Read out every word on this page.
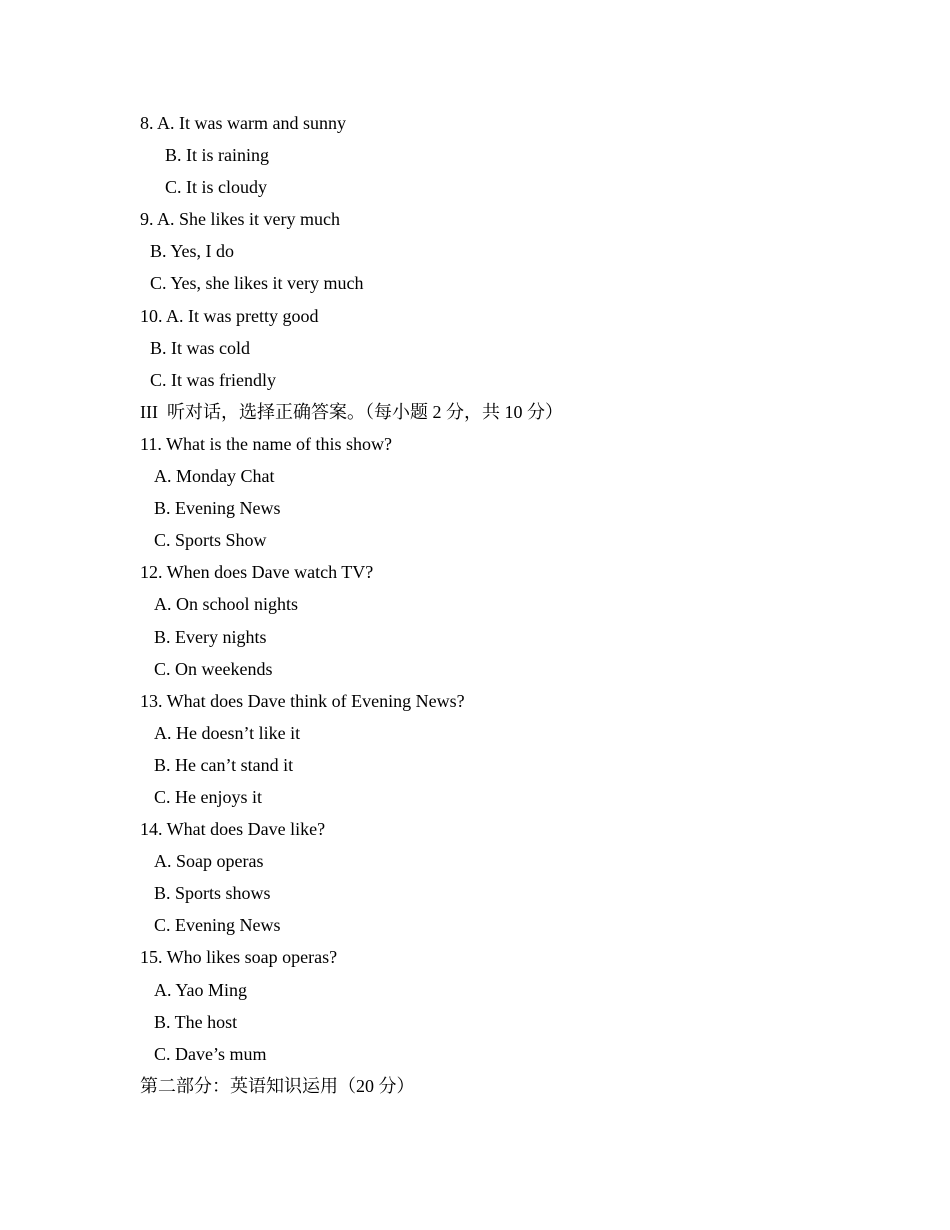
8. A. It was warm and sunny
B. It is raining
C. It is cloudy
9. A. She likes it very much
B. Yes, I do
C. Yes, she likes it very much
10. A. It was pretty good
B. It was cold
C. It was friendly
III  听对话，选择正确答案。（每小题 2 分，共 10 分）
11. What is the name of this show?
A. Monday Chat
B. Evening News
C. Sports Show
12. When does Dave watch TV?
A. On school nights
B. Every nights
C. On weekends
13. What does Dave think of Evening News?
A. He doesn’t like it
B. He can’t stand it
C. He enjoys it
14. What does Dave like?
A. Soap operas
B. Sports shows
C. Evening News
15. Who likes soap operas?
A. Yao Ming
B. The host
C. Dave’s mum
第二部分：英语知识运用（20 分）
